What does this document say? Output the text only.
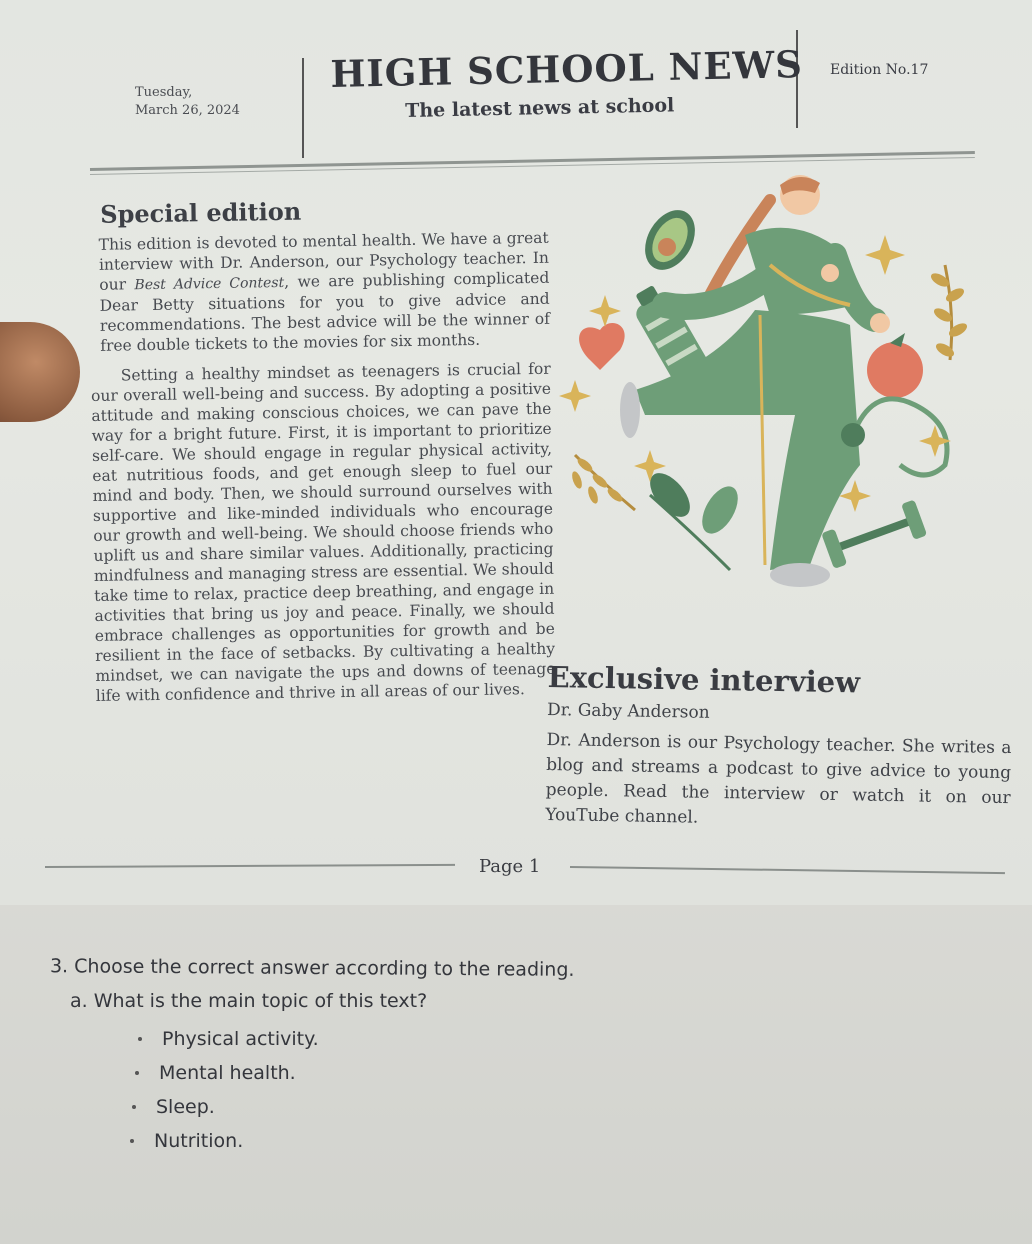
Tuesday,
March 26, 2024
HIGH SCHOOL NEWS
The latest news at school
Edition No.17
Special edition

This edition is devoted to mental health. We have a great interview with Dr. Anderson, our Psychology teacher. In our Best Advice Contest, we are publishing complicated Dear Betty situations for you to give advice and recommendations. The best advice will be the winner of free double tickets to the movies for six months.

Setting a healthy mindset as teenagers is crucial for our overall well-being and success. By adopting a positive attitude and making conscious choices, we can pave the way for a bright future. First, it is important to prioritize self-care. We should engage in regular physical activity, eat nutritious foods, and get enough sleep to fuel our mind and body. Then, we should surround ourselves with supportive and like-minded individuals who encourage our growth and well-being. We should choose friends who uplift us and share similar values. Additionally, practicing mindfulness and managing stress are essential. We should take time to relax, practice deep breathing, and engage in activities that bring us joy and peace. Finally, we should embrace challenges as opportunities for growth and be resilient in the face of setbacks. By cultivating a healthy mindset, we can navigate the ups and downs of teenage life with confidence and thrive in all areas of our lives. Exclusive interview
Dr. Gaby Anderson

Dr. Anderson is our Psychology teacher. She writes a blog and streams a podcast to give advice to young people. Read the interview or watch it on our YouTube channel.

Page 1
3. Choose the correct answer according to the reading.
a. What is the main topic of this text?
Physical activity.
Mental health.
Sleep.
Nutrition.
